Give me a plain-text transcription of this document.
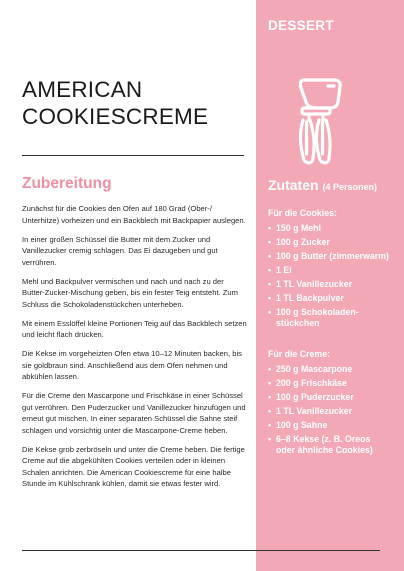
DESSERT
AMERICAN
COOKIESCREME
Zubereitung

Zunächst für die Cookies den Ofen auf 180 Grad (Ober-/ Unterhitze) vorheizen und ein Backblech mit Backpapier auslegen.

In einer großen Schüssel die Butter mit dem Zucker und Vanillezucker cremig schlagen. Das Ei dazugeben und gut verrühren.

Mehl und Backpulver vermischen und nach und nach zu der Butter-Zucker-Mischung geben, bis ein fester Teig entsteht. Zum Schluss die Schokoladenstückchen unterheben.

Mit einem Esslöffel kleine Portionen Teig auf das Backblech setzen und leicht flach drücken.

Die Kekse im vorgeheizten Ofen etwa 10–12 Minuten backen, bis sie goldbraun sind. Anschließend aus dem Ofen nehmen und abkühlen lassen.

Für die Creme den Mascarpone und Frischkäse in einer Schüssel gut verrühren. Den Puderzucker und Vanillezucker hinzufügen und erneut gut mischen. In einer separaten Schüssel die Sahne steif schlagen und vorsichtig unter die Mascarpone-Creme heben.

Die Kekse grob zerbröseln und unter die Creme heben. Die fertige Creme auf die abgekühlten Cookies verteilen oder in kleinen Schalen anrichten. Die American Cookiescreme für eine halbe Stunde im Kühlschrank kühlen, damit sie etwas fester wird.

Zutaten (4 Personen)
Für die Cookies:
• 150 g Mehl
• 100 g Zucker
• 100 g Butter (zimmerwarm)
• 1 Ei
• 1 TL Vanillezucker
• 1 TL Backpulver
• 100 g Schokoladen-stückchen
Für die Creme:
• 250 g Mascarpone
• 200 g Frischkäse
• 100 g Puderzucker
• 1 TL Vanillezucker
• 100 g Sahne
• 6–8 Kekse (z. B. Oreos oder ähnliche Cookies)
